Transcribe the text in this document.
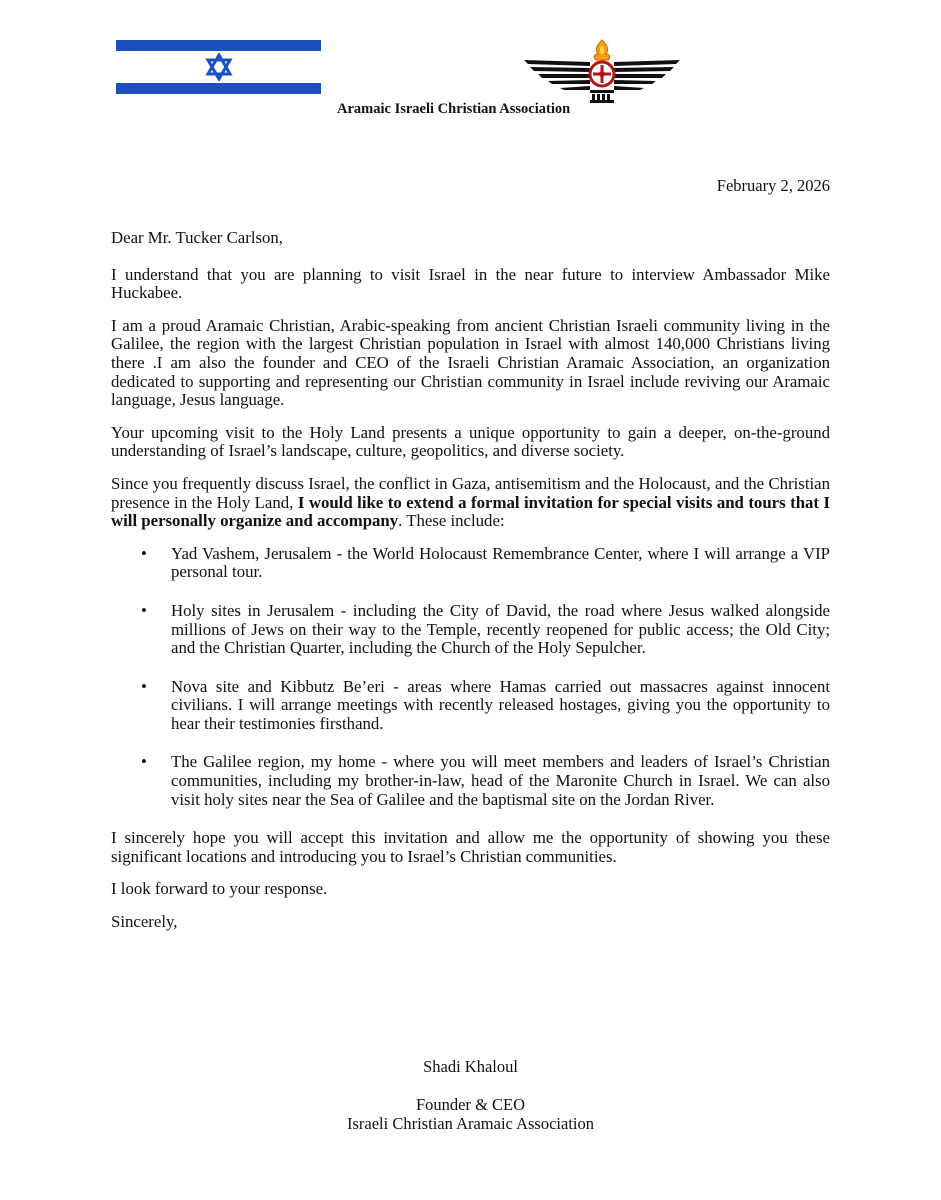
Aramaic Israeli Christian Association
February 2, 2026

Dear Mr. Tucker Carlson,

I understand that you are planning to visit Israel in the near future to interview Ambassador Mike Huckabee.

I am a proud Aramaic Christian, Arabic-speaking from ancient Christian Israeli community living in the Galilee, the region with the largest Christian population in Israel with almost 140,000 Christians living there .I am also the founder and CEO of the Israeli Christian Aramaic Association, an organization dedicated to supporting and representing our Christian community in Israel include reviving our Aramaic language, Jesus language.

Your upcoming visit to the Holy Land presents a unique opportunity to gain a deeper, on-the-ground understanding of Israel’s landscape, culture, geopolitics, and diverse society.

Since you frequently discuss Israel, the conflict in Gaza, antisemitism and the Holocaust, and the Christian presence in the Holy Land, I would like to extend a formal invitation for special visits and tours that I will personally organize and accompany. These include:

• Yad Vashem, Jerusalem - the World Holocaust Remembrance Center, where I will arrange a VIP personal tour.
• Holy sites in Jerusalem - including the City of David, the road where Jesus walked alongside millions of Jews on their way to the Temple, recently reopened for public access; the Old City; and the Christian Quarter, including the Church of the Holy Sepulcher.
• Nova site and Kibbutz Be’eri - areas where Hamas carried out massacres against innocent civilians. I will arrange meetings with recently released hostages, giving you the opportunity to hear their testimonies firsthand.
• The Galilee region, my home - where you will meet members and leaders of Israel’s Christian communities, including my brother-in-law, head of the Maronite Church in Israel. We can also visit holy sites near the Sea of Galilee and the baptismal site on the Jordan River.

I sincerely hope you will accept this invitation and allow me the opportunity of showing you these significant locations and introducing you to Israel’s Christian communities.

I look forward to your response.

Sincerely,

Shadi Khaloul
Founder & CEO
Israeli Christian Aramaic Association
